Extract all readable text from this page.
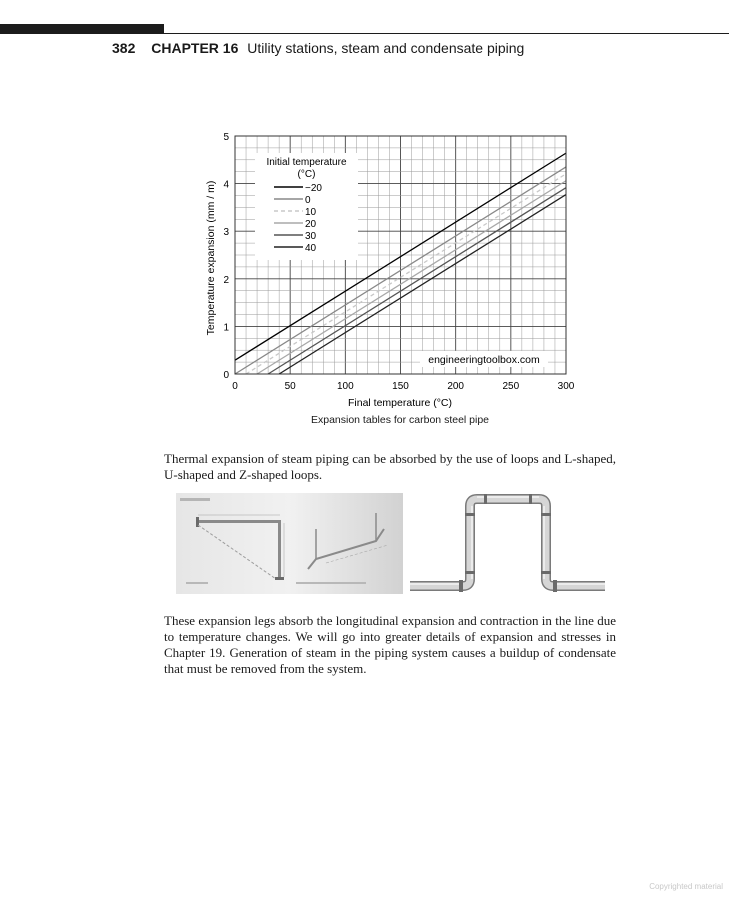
382 CHAPTER 16 Utility stations, steam and condensate piping
0	50	100	150	200	250	300
0
1
2
3
4
5
Initial temperature
(°C)
−20
0
10
20
30
40
Final temperature (°C)
Temperature expansion (mm / m)
engineeringtoolbox.com
Expansion tables for carbon steel pipe
Thermal expansion of steam piping can be absorbed by the use of loops and L-shaped, U-shaped and Z-shaped loops.
These expansion legs absorb the longitudinal expansion and contraction in the line due to temperature changes. We will go into greater details of expansion and stresses in Chapter 19. Generation of steam in the piping system causes a buildup of condensate that must be removed from the system.
Copyrighted material
